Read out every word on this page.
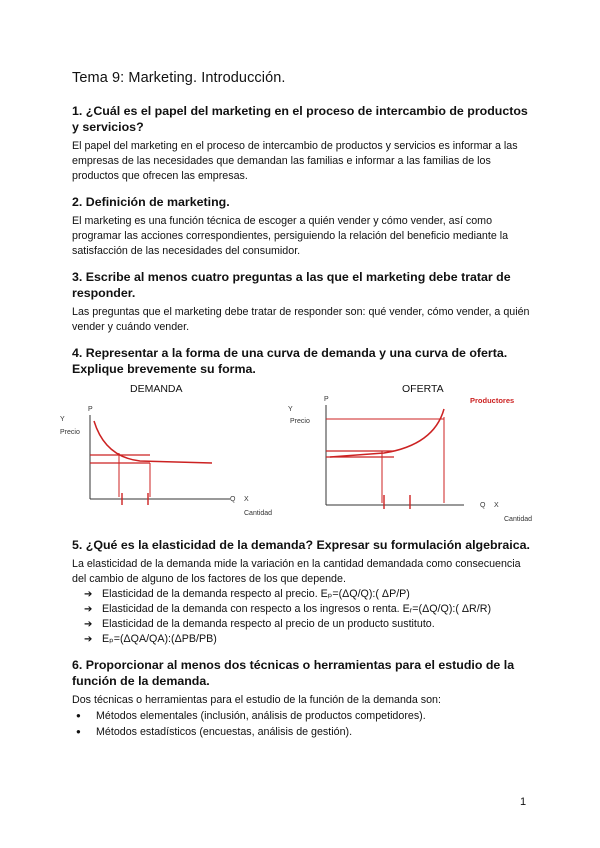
Tema 9: Marketing. Introducción.
1. ¿Cuál es el papel del marketing en el proceso de intercambio de productos y servicios?

El papel del marketing en el proceso de intercambio de productos y servicios es informar a las empresas de las necesidades que demandan las familias e informar a las familias de los productos que ofrecen las empresas.

2. Definición de marketing.

El marketing es una función técnica de escoger a quién vender y cómo vender, así como programar las acciones correspondientes, persiguiendo la relación del beneficio mediante la satisfacción de las necesidades del consumidor.

3. Escribe al menos cuatro preguntas a las que el marketing debe tratar de responder.

Las preguntas que el marketing debe tratar de responder son: qué vender, cómo vender, a quién vender y cuándo vender.

4. Representar a la forma de una curva de demanda y una curva de oferta. Explique brevemente su forma.
DEMANDA	OFERTA
Y
P
Precio
Q X
Cantidad
Productores
Y
P
Precio
Q X
Cantidad
5. ¿Qué es la elasticidad de la demanda? Expresar su formulación algebraica.

La elasticidad de la demanda mide la variación en la cantidad demandada como consecuencia del cambio de alguno de los factores de los que depende.

➔ Elasticidad de la demanda respecto al precio. Eₚ=(ΔQ/Q):( ΔP/P)
➔ Elasticidad de la demanda con respecto a los ingresos o renta. Eᵣ=(ΔQ/Q):( ΔR/R)
➔ Elasticidad de la demanda respecto al precio de un producto sustituto.
➔ Eₚ=(ΔQA/QA):(ΔPB/PB)
6. Proporcionar al menos dos técnicas o herramientas para el estudio de la función de la demanda.

Dos técnicas o herramientas para el estudio de la función de la demanda son:

● Métodos elementales (inclusión, análisis de productos competidores).
● Métodos estadísticos (encuestas, análisis de gestión).
1
